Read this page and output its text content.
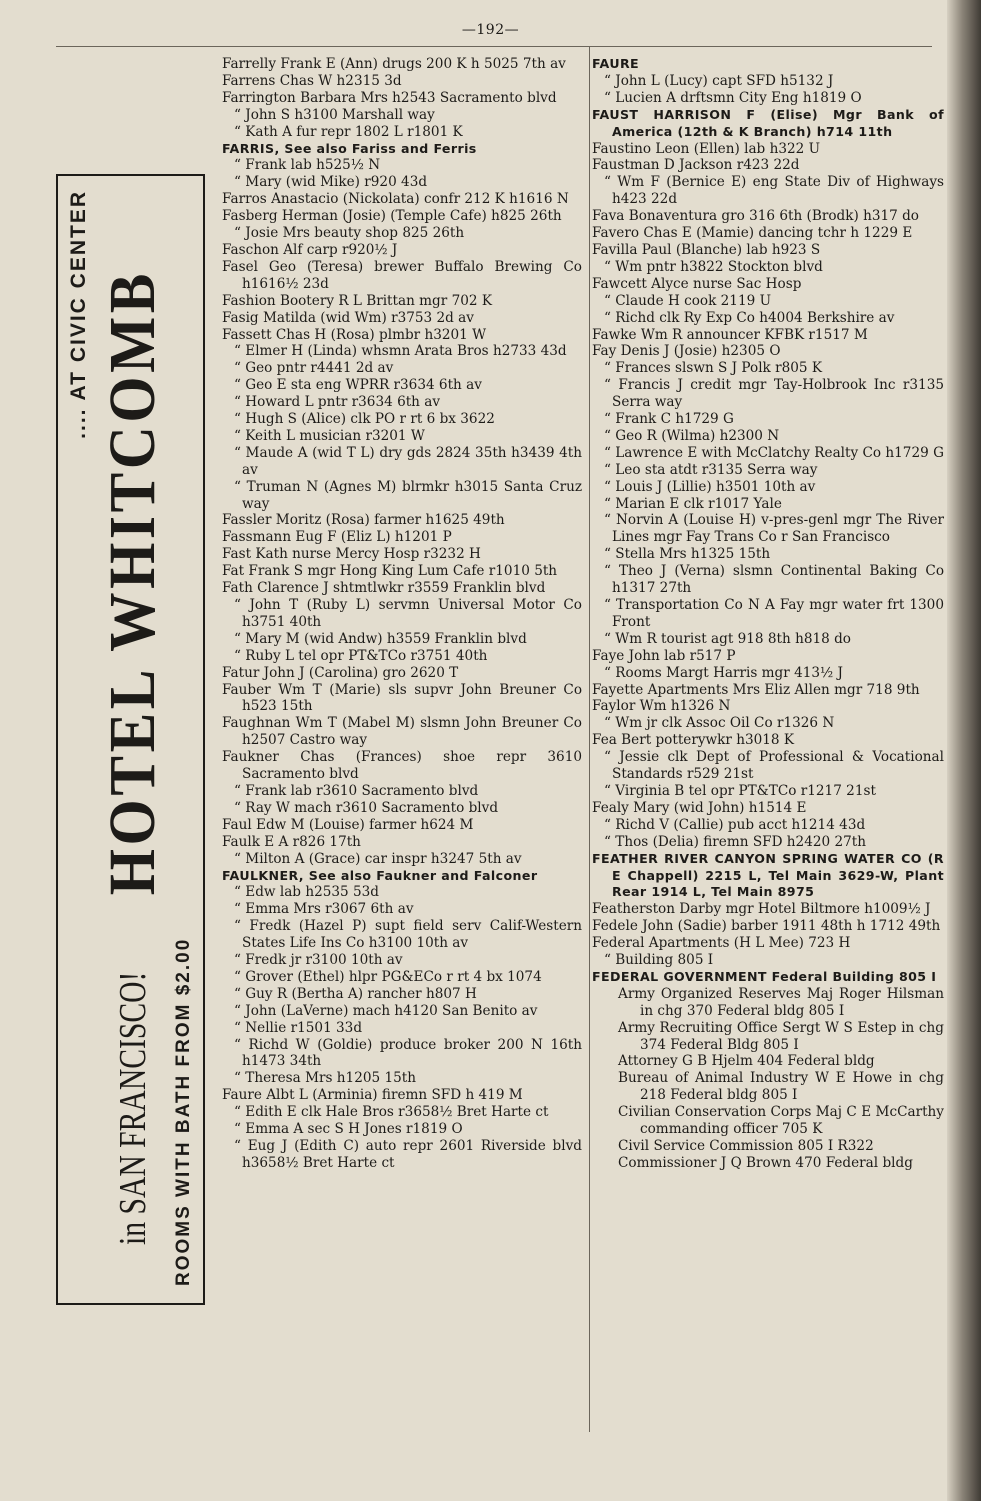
—192—
.... AT CIVIC CENTER
in SAN FRANCISCO!
HOTEL WHITCOMB
ROOMS WITH BATH FROM $2.00

Farrelly Frank E (Ann) drugs 200 K h 5025 7th av

Farrens Chas W h2315 3d

Farrington Barbara Mrs h2543 Sacramento blvd

“ John S h3100 Marshall way

“ Kath A fur repr 1802 L r1801 K

FARRIS, See also Fariss and Ferris

“ Frank lab h525½ N

“ Mary (wid Mike) r920 43d

Farros Anastacio (Nickolata) confr 212 K h1616 N

Fasberg Herman (Josie) (Temple Cafe) h825 26th

“ Josie Mrs beauty shop 825 26th

Faschon Alf carp r920½ J

Fasel Geo (Teresa) brewer Buffalo Brewing Co h1616½ 23d

Fashion Bootery R L Brittan mgr 702 K

Fasig Matilda (wid Wm) r3753 2d av

Fassett Chas H (Rosa) plmbr h3201 W

“ Elmer H (Linda) whsmn Arata Bros h2733 43d

“ Geo pntr r4441 2d av

“ Geo E sta eng WPRR r3634 6th av

“ Howard L pntr r3634 6th av

“ Hugh S (Alice) clk PO r rt 6 bx 3622

“ Keith L musician r3201 W

“ Maude A (wid T L) dry gds 2824 35th h3439 4th av

“ Truman N (Agnes M) blrmkr h3015 Santa Cruz way

Fassler Moritz (Rosa) farmer h1625 49th

Fassmann Eug F (Eliz L) h1201 P

Fast Kath nurse Mercy Hosp r3232 H

Fat Frank S mgr Hong King Lum Cafe r1010 5th

Fath Clarence J shtmtlwkr r3559 Franklin blvd

“ John T (Ruby L) servmn Universal Motor Co h3751 40th

“ Mary M (wid Andw) h3559 Franklin blvd

“ Ruby L tel opr PT&TCo r3751 40th

Fatur John J (Carolina) gro 2620 T

Fauber Wm T (Marie) sls supvr John Breuner Co h523 15th

Faughnan Wm T (Mabel M) slsmn John Breuner Co h2507 Castro way

Faukner Chas (Frances) shoe repr 3610 Sacramento blvd

“ Frank lab r3610 Sacramento blvd

“ Ray W mach r3610 Sacramento blvd

Faul Edw M (Louise) farmer h624 M

Faulk E A r826 17th

“ Milton A (Grace) car inspr h3247 5th av

FAULKNER, See also Faukner and Falconer

“ Edw lab h2535 53d

“ Emma Mrs r3067 6th av

“ Fredk (Hazel P) supt field serv Calif-Western States Life Ins Co h3100 10th av

“ Fredk jr r3100 10th av

“ Grover (Ethel) hlpr PG&ECo r rt 4 bx 1074

“ Guy R (Bertha A) rancher h807 H

“ John (LaVerne) mach h4120 San Benito av

“ Nellie r1501 33d

“ Richd W (Goldie) produce broker 200 N 16th h1473 34th

“ Theresa Mrs h1205 15th

Faure Albt L (Arminia) firemn SFD h 419 M

“ Edith E clk Hale Bros r3658½ Bret Harte ct

“ Emma A sec S H Jones r1819 O

“ Eug J (Edith C) auto repr 2601 Riverside blvd h3658½ Bret Harte ct

FAURE

“ John L (Lucy) capt SFD h5132 J

“ Lucien A drftsmn City Eng h1819 O

FAUST HARRISON F (Elise) Mgr Bank of America (12th & K Branch) h714 11th

Faustino Leon (Ellen) lab h322 U

Faustman D Jackson r423 22d

“ Wm F (Bernice E) eng State Div of Highways h423 22d

Fava Bonaventura gro 316 6th (Brodk) h317 do

Favero Chas E (Mamie) dancing tchr h 1229 E

Favilla Paul (Blanche) lab h923 S

“ Wm pntr h3822 Stockton blvd

Fawcett Alyce nurse Sac Hosp

“ Claude H cook 2119 U

“ Richd clk Ry Exp Co h4004 Berkshire av

Fawke Wm R announcer KFBK r1517 M

Fay Denis J (Josie) h2305 O

“ Frances slswn S J Polk r805 K

“ Francis J credit mgr Tay-Holbrook Inc r3135 Serra way

“ Frank C h1729 G

“ Geo R (Wilma) h2300 N

“ Lawrence E with McClatchy Realty Co h1729 G

“ Leo sta atdt r3135 Serra way

“ Louis J (Lillie) h3501 10th av

“ Marian E clk r1017 Yale

“ Norvin A (Louise H) v-pres-genl mgr The River Lines mgr Fay Trans Co r San Francisco

“ Stella Mrs h1325 15th

“ Theo J (Verna) slsmn Continental Baking Co h1317 27th

“ Transportation Co N A Fay mgr water frt 1300 Front

“ Wm R tourist agt 918 8th h818 do

Faye John lab r517 P

“ Rooms Margt Harris mgr 413½ J

Fayette Apartments Mrs Eliz Allen mgr 718 9th

Faylor Wm h1326 N

“ Wm jr clk Assoc Oil Co r1326 N

Fea Bert potterywkr h3018 K

“ Jessie clk Dept of Professional & Vocational Standards r529 21st

“ Virginia B tel opr PT&TCo r1217 21st

Fealy Mary (wid John) h1514 E

“ Richd V (Callie) pub acct h1214 43d

“ Thos (Delia) firemn SFD h2420 27th

FEATHER RIVER CANYON SPRING WATER CO (R E Chappell) 2215 L, Tel Main 3629-W, Plant Rear 1914 L, Tel Main 8975

Featherston Darby mgr Hotel Biltmore h1009½ J

Fedele John (Sadie) barber 1911 48th h 1712 49th

Federal Apartments (H L Mee) 723 H

“ Building 805 I

FEDERAL GOVERNMENT Federal Building 805 I

Army Organized Reserves Maj Roger Hilsman in chg 370 Federal bldg 805 I

Army Recruiting Office Sergt W S Estep in chg 374 Federal Bldg 805 I

Attorney G B Hjelm 404 Federal bldg

Bureau of Animal Industry W E Howe in chg 218 Federal bldg 805 I

Civilian Conservation Corps Maj C E McCarthy commanding officer 705 K

Civil Service Commission 805 I R322

Commissioner J Q Brown 470 Federal bldg
